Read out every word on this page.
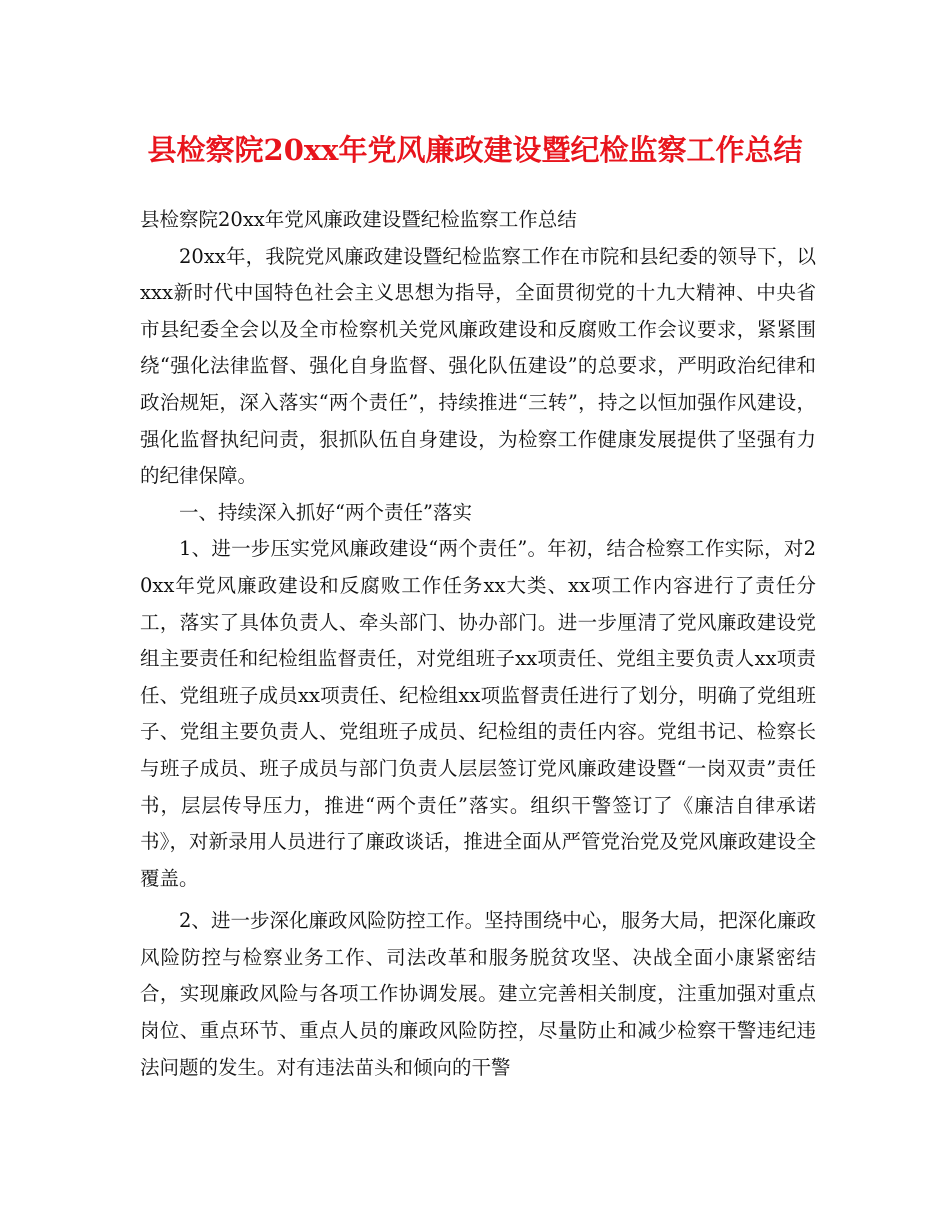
县检察院20xx年党风廉政建设暨纪检监察工作总结

县检察院20xx年党风廉政建设暨纪检监察工作总结

20xx年，我院党风廉政建设暨纪检监察工作在市院和县纪委的领导下，以xxx新时代中国特色社会主义思想为指导，全面贯彻党的十九大精神、中央省市县纪委全会以及全市检察机关党风廉政建设和反腐败工作会议要求，紧紧围绕“强化法律监督、强化自身监督、强化队伍建设”的总要求，严明政治纪律和政治规矩，深入落实“两个责任”，持续推进“三转”，持之以恒加强作风建设，强化监督执纪问责，狠抓队伍自身建设，为检察工作健康发展提供了坚强有力的纪律保障。

一、持续深入抓好“两个责任”落实

1、进一步压实党风廉政建设“两个责任”。年初，结合检察工作实际，对20xx年党风廉政建设和反腐败工作任务xx大类、xx项工作内容进行了责任分工，落实了具体负责人、牵头部门、协办部门。进一步厘清了党风廉政建设党组主要责任和纪检组监督责任，对党组班子xx项责任、党组主要负责人xx项责任、党组班子成员xx项责任、纪检组xx项监督责任进行了划分，明确了党组班子、党组主要负责人、党组班子成员、纪检组的责任内容。党组书记、检察长与班子成员、班子成员与部门负责人层层签订党风廉政建设暨“一岗双责”责任书，层层传导压力，推进“两个责任”落实。组织干警签订了《廉洁自律承诺书》，对新录用人员进行了廉政谈话，推进全面从严管党治党及党风廉政建设全覆盖。

2、进一步深化廉政风险防控工作。坚持围绕中心，服务大局，把深化廉政风险防控与检察业务工作、司法改革和服务脱贫攻坚、决战全面小康紧密结合，实现廉政风险与各项工作协调发展。建立完善相关制度，注重加强对重点岗位、重点环节、重点人员的廉政风险防控，尽量防止和减少检察干警违纪违法问题的发生。对有违法苗头和倾向的干警
